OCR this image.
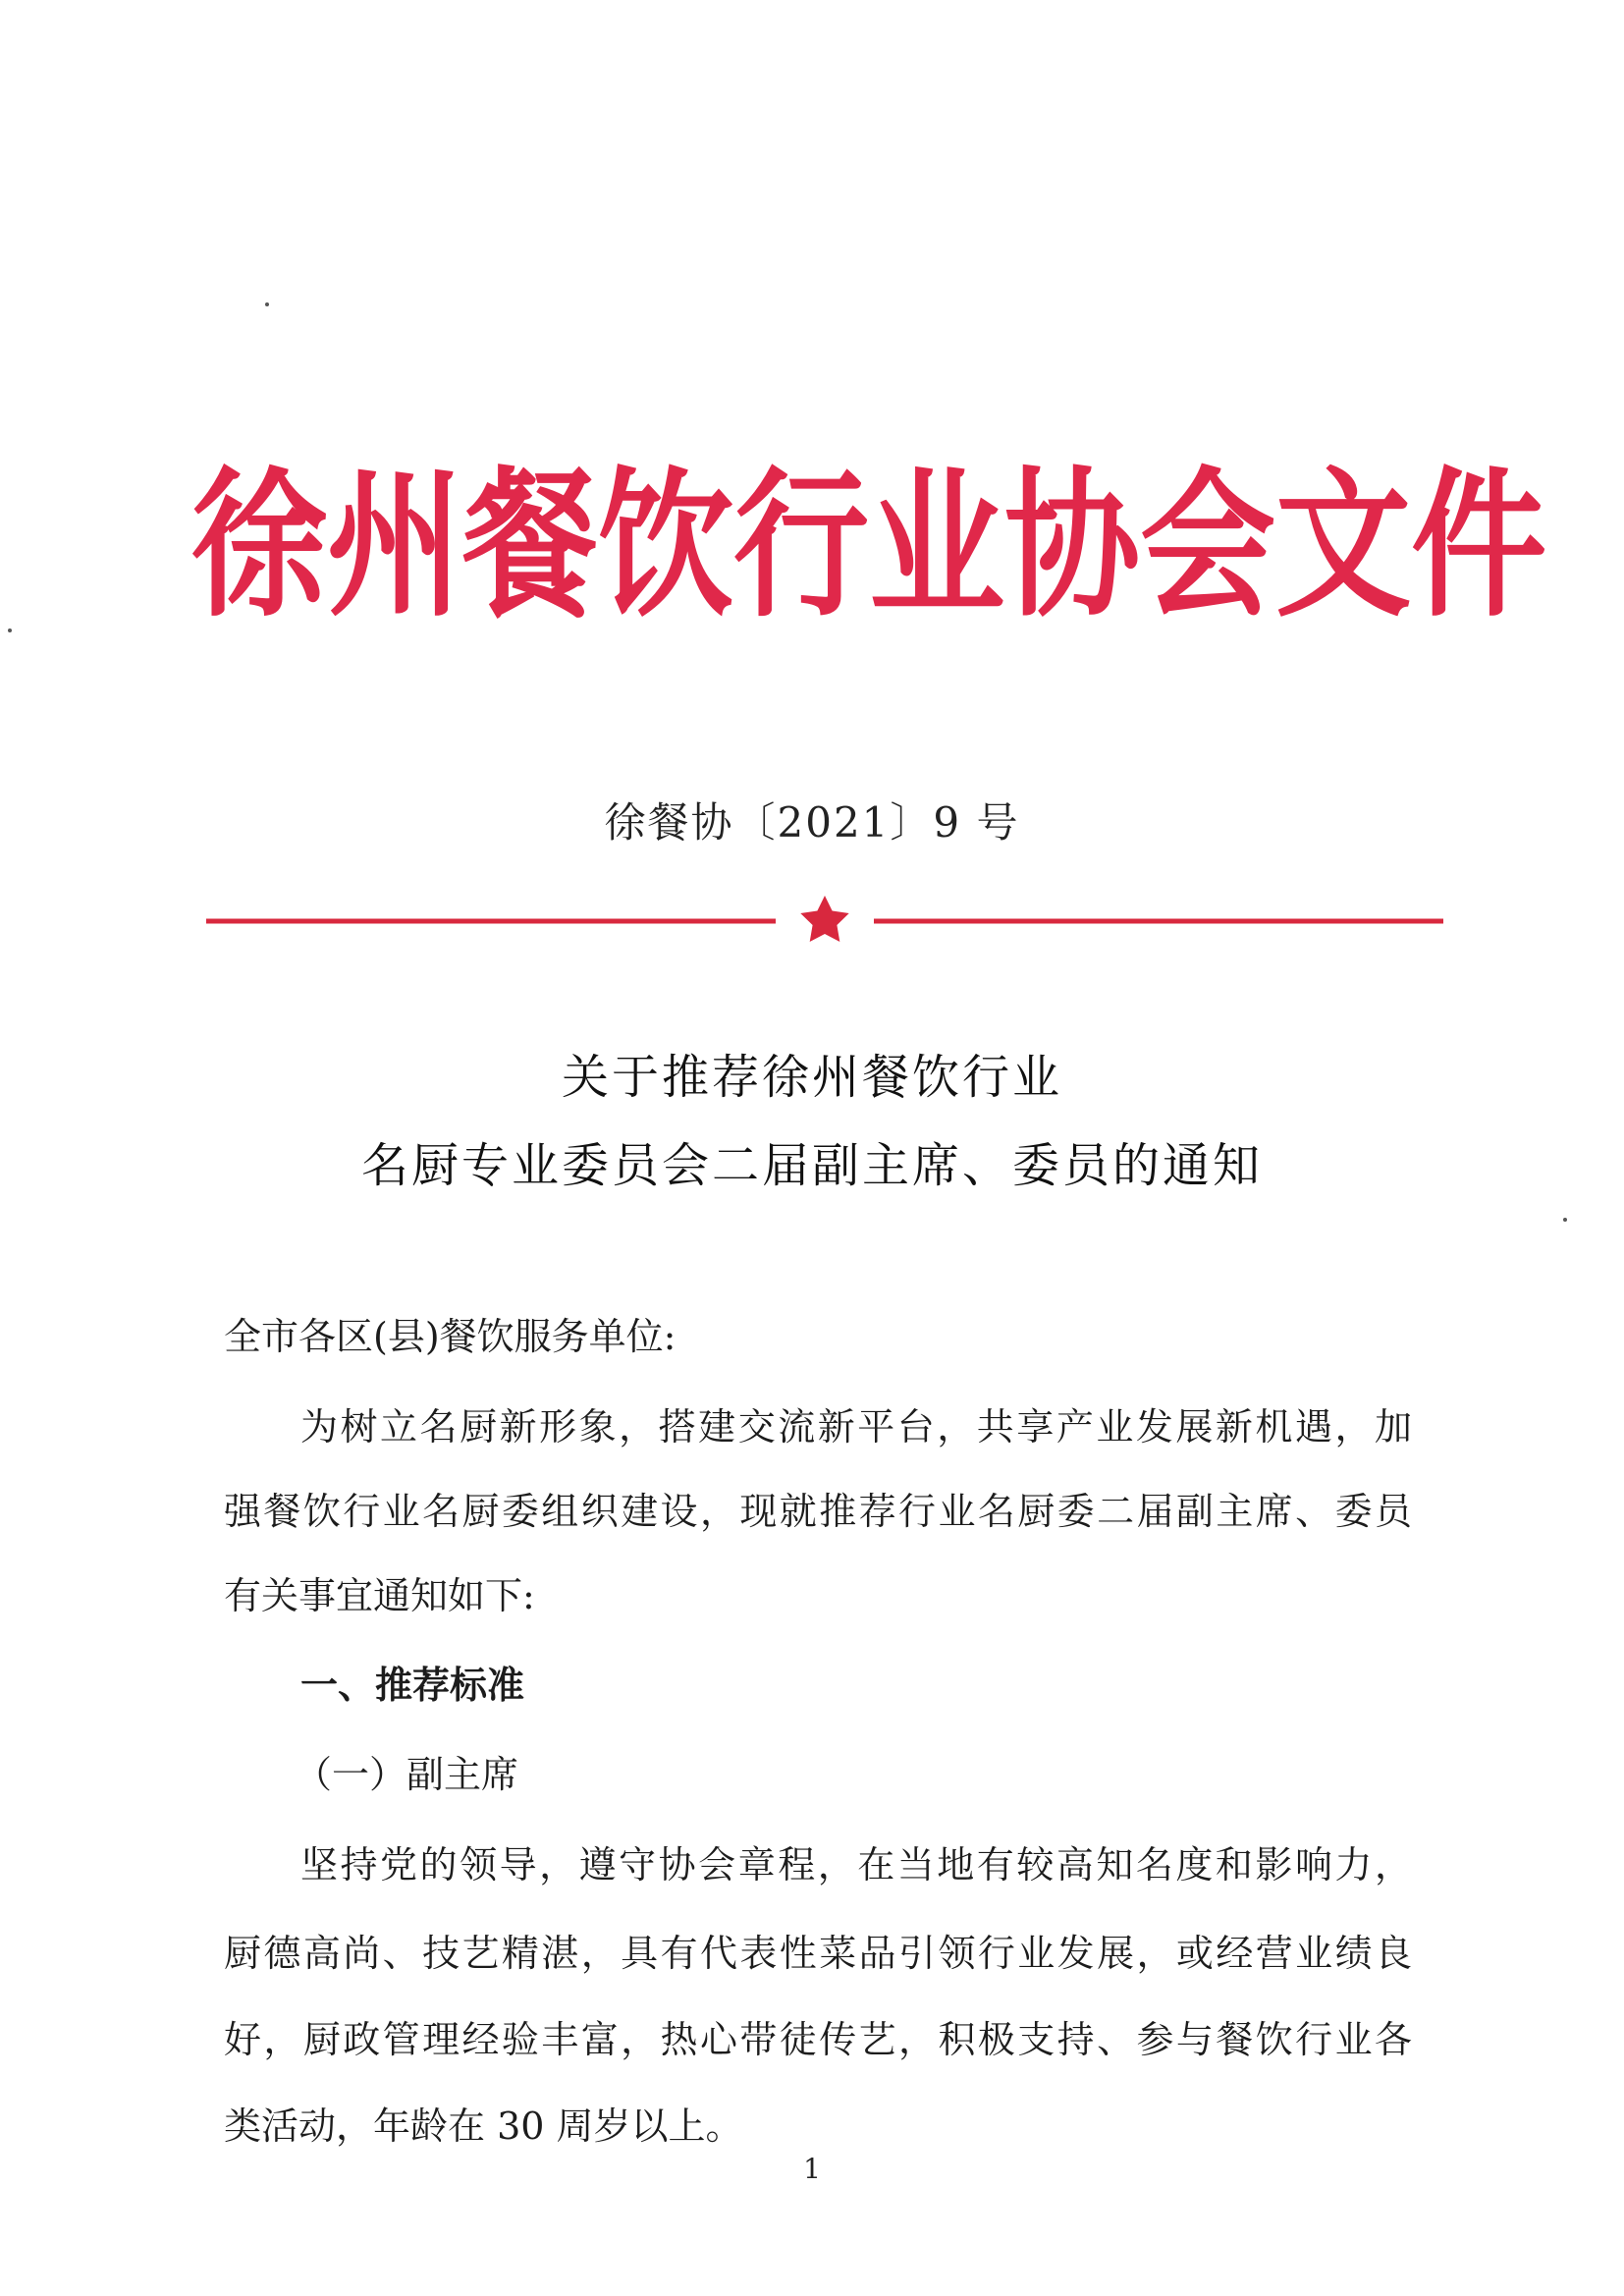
徐 州 餐 饮 行 业 协 会 文 件
徐餐协〔2021〕9 号
关于推荐徐州餐饮行业
名厨专业委员会二届副主席、委员的通知
全市各区(县)餐饮服务单位:
为树立名厨新形象，搭建交流新平台，共享产业发展新机遇，加
强餐饮行业名厨委组织建设，现就推荐行业名厨委二届副主席、委员
有关事宜通知如下:
一、推荐标准
（一）副主席
坚持党的领导，遵守协会章程，在当地有较高知名度和影响力，
厨德高尚、技艺精湛，具有代表性菜品引领行业发展，或经营业绩良
好，厨政管理经验丰富，热心带徒传艺，积极支持、参与餐饮行业各
类活动，年龄在 30 周岁以上。
1
